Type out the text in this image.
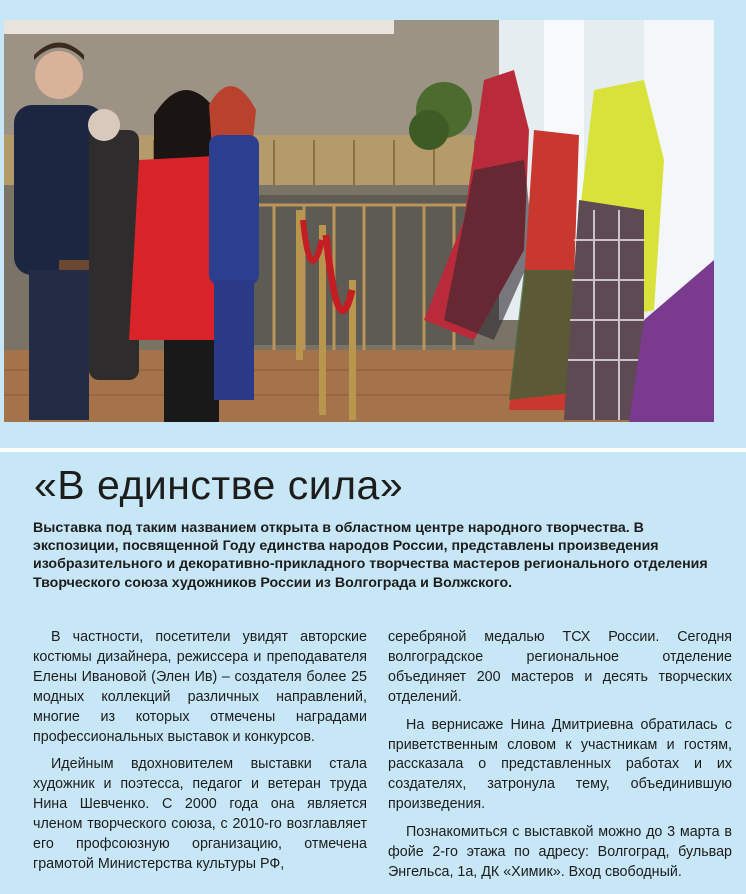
«В единстве сила»

Выставка под таким названием открыта в областном центре народного творчества. В экспозиции, посвященной Году единства народов России, представлены произведения изобразительного и декоративно-прикладного творчества мастеров регионального отделения Творческого союза художников России из Волгограда и Волжского.

В частности, посетители увидят авторские костюмы дизайнера, режиссера и преподавателя Елены Ивановой (Элен Ив) – создателя более 25 модных коллекций различных направлений, многие из которых отмечены наградами профессиональных выставок и конкурсов.

Идейным вдохновителем выставки стала художник и поэтесса, педагог и ветеран труда Нина Шевченко. С 2000 года она является членом творческого союза, с 2010-го возглавляет его профсоюзную организацию, отмечена грамотой Министерства культуры РФ,

серебряной медалью ТСХ России. Сегодня волгоградское региональное отделение объединяет 200 мастеров и десять творческих отделений.

На вернисаже Нина Дмитриевна обратилась с приветственным словом к участникам и гостям, рассказала о представленных работах и их создателях, затронула тему, объединившую произведения.

Познакомиться с выставкой можно до 3 марта в фойе 2-го этажа по адресу: Волгоград, бульвар Энгельса, 1а, ДК «Химик». Вход свободный.
